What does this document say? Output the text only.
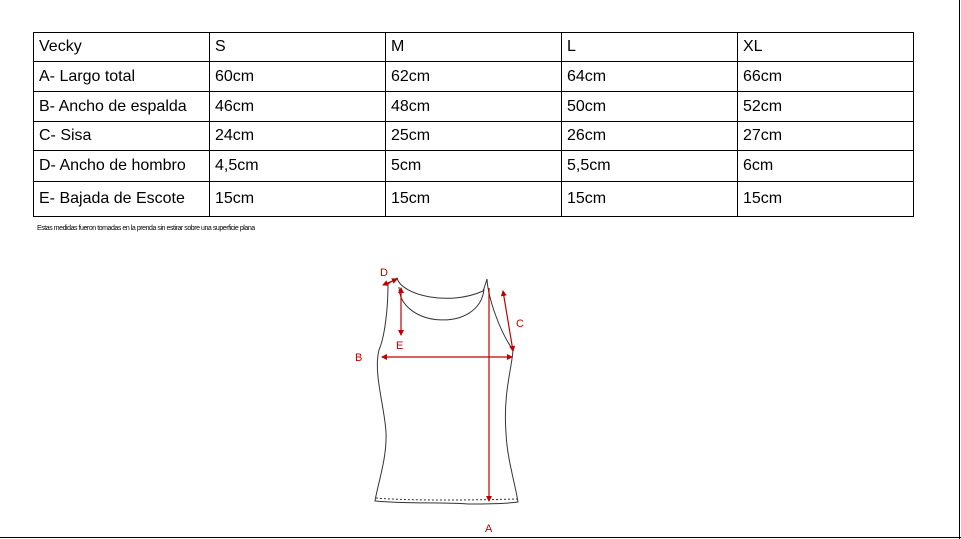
Vecky	S	M	L	XL
A- Largo total	60cm	62cm	64cm	66cm
B- Ancho de espalda	46cm	48cm	50cm	52cm
C- Sisa	24cm	25cm	26cm	27cm
D- Ancho de hombro	4,5cm	5cm	5,5cm	6cm
E- Bajada de Escote	15cm	15cm	15cm	15cm
Estas medidas fueron tomadas en la prenda sin estirar sobre una superficie plana
A
B
C
D
E
